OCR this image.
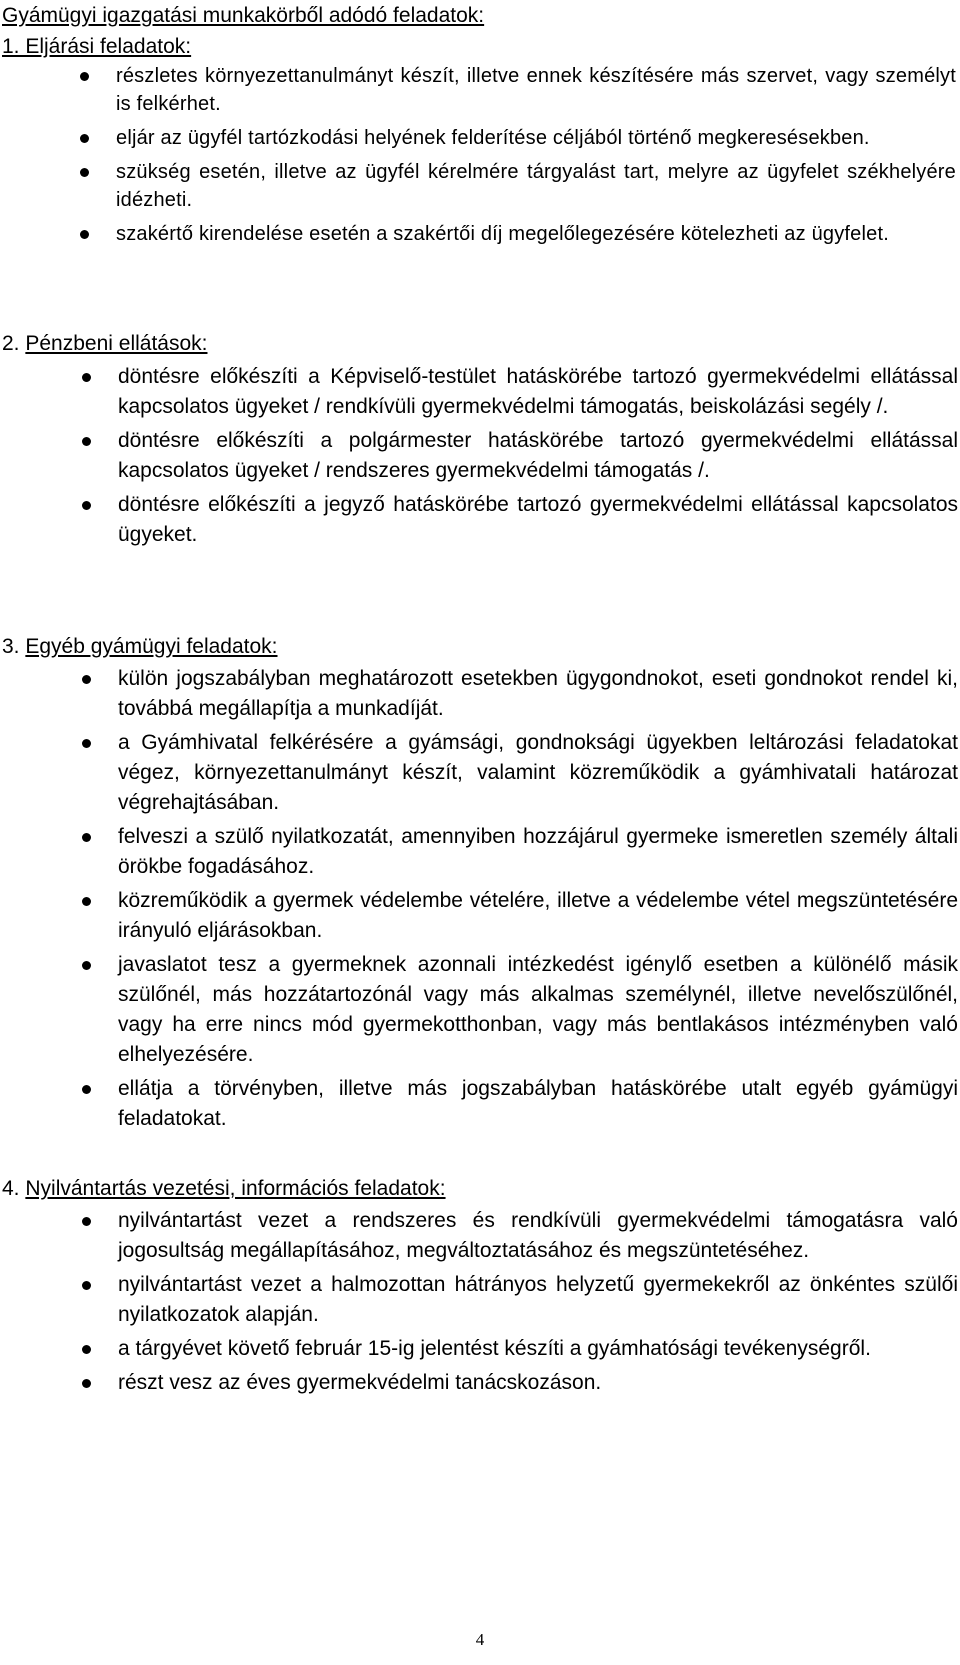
Gyámügyi igazgatási munkakörből adódó feladatok:

1. Eljárási feladatok:

részletes környezettanulmányt készít, illetve ennek készítésére más szervet, vagy személyt is felkérhet.
eljár az ügyfél tartózkodási helyének felderítése céljából történő megkeresésekben.
szükség esetén, illetve az ügyfél kérelmére tárgyalást tart, melyre az ügyfelet székhelyére idézheti.
szakértő kirendelése esetén a szakértői díj megelőlegezésére kötelezheti az ügyfelet.
2. Pénzbeni ellátások:
döntésre előkészíti a Képviselő-testület hatáskörébe tartozó gyermekvédelmi ellátással kapcsolatos ügyeket / rendkívüli gyermekvédelmi támogatás, beiskolázási segély /.
döntésre előkészíti a polgármester hatáskörébe tartozó gyermekvédelmi ellátással kapcsolatos ügyeket / rendszeres gyermekvédelmi támogatás /.
döntésre előkészíti a jegyző hatáskörébe tartozó gyermekvédelmi ellátással kapcsolatos ügyeket.
3. Egyéb gyámügyi feladatok:
külön jogszabályban meghatározott esetekben ügygondnokot, eseti gondnokot rendel ki, továbbá megállapítja a munkadíját.
a Gyámhivatal felkérésére a gyámsági, gondnoksági ügyekben leltározási feladatokat végez, környezettanulmányt készít, valamint közreműködik a gyámhivatali határozat végrehajtásában.
felveszi a szülő nyilatkozatát, amennyiben hozzájárul gyermeke ismeretlen személy általi örökbe fogadásához.
közreműködik a gyermek védelembe vételére, illetve a védelembe vétel megszüntetésére irányuló eljárásokban.
javaslatot tesz a gyermeknek azonnali intézkedést igénylő esetben a különélő másik szülőnél, más hozzátartozónál vagy más alkalmas személynél, illetve nevelőszülőnél, vagy ha erre nincs mód gyermekotthonban, vagy más bentlakásos intézményben való elhelyezésére.
ellátja a törvényben, illetve más jogszabályban hatáskörébe utalt egyéb gyámügyi feladatokat.
4. Nyilvántartás vezetési, információs feladatok:
nyilvántartást vezet a rendszeres és rendkívüli gyermekvédelmi támogatásra való jogosultság megállapításához, megváltoztatásához és megszüntetéséhez.
nyilvántartást vezet a halmozottan hátrányos helyzetű gyermekekről az önkéntes szülői nyilatkozatok alapján.
a tárgyévet követő február 15-ig jelentést készíti a gyámhatósági tevékenységről.
részt vesz az éves gyermekvédelmi tanácskozáson.
4
